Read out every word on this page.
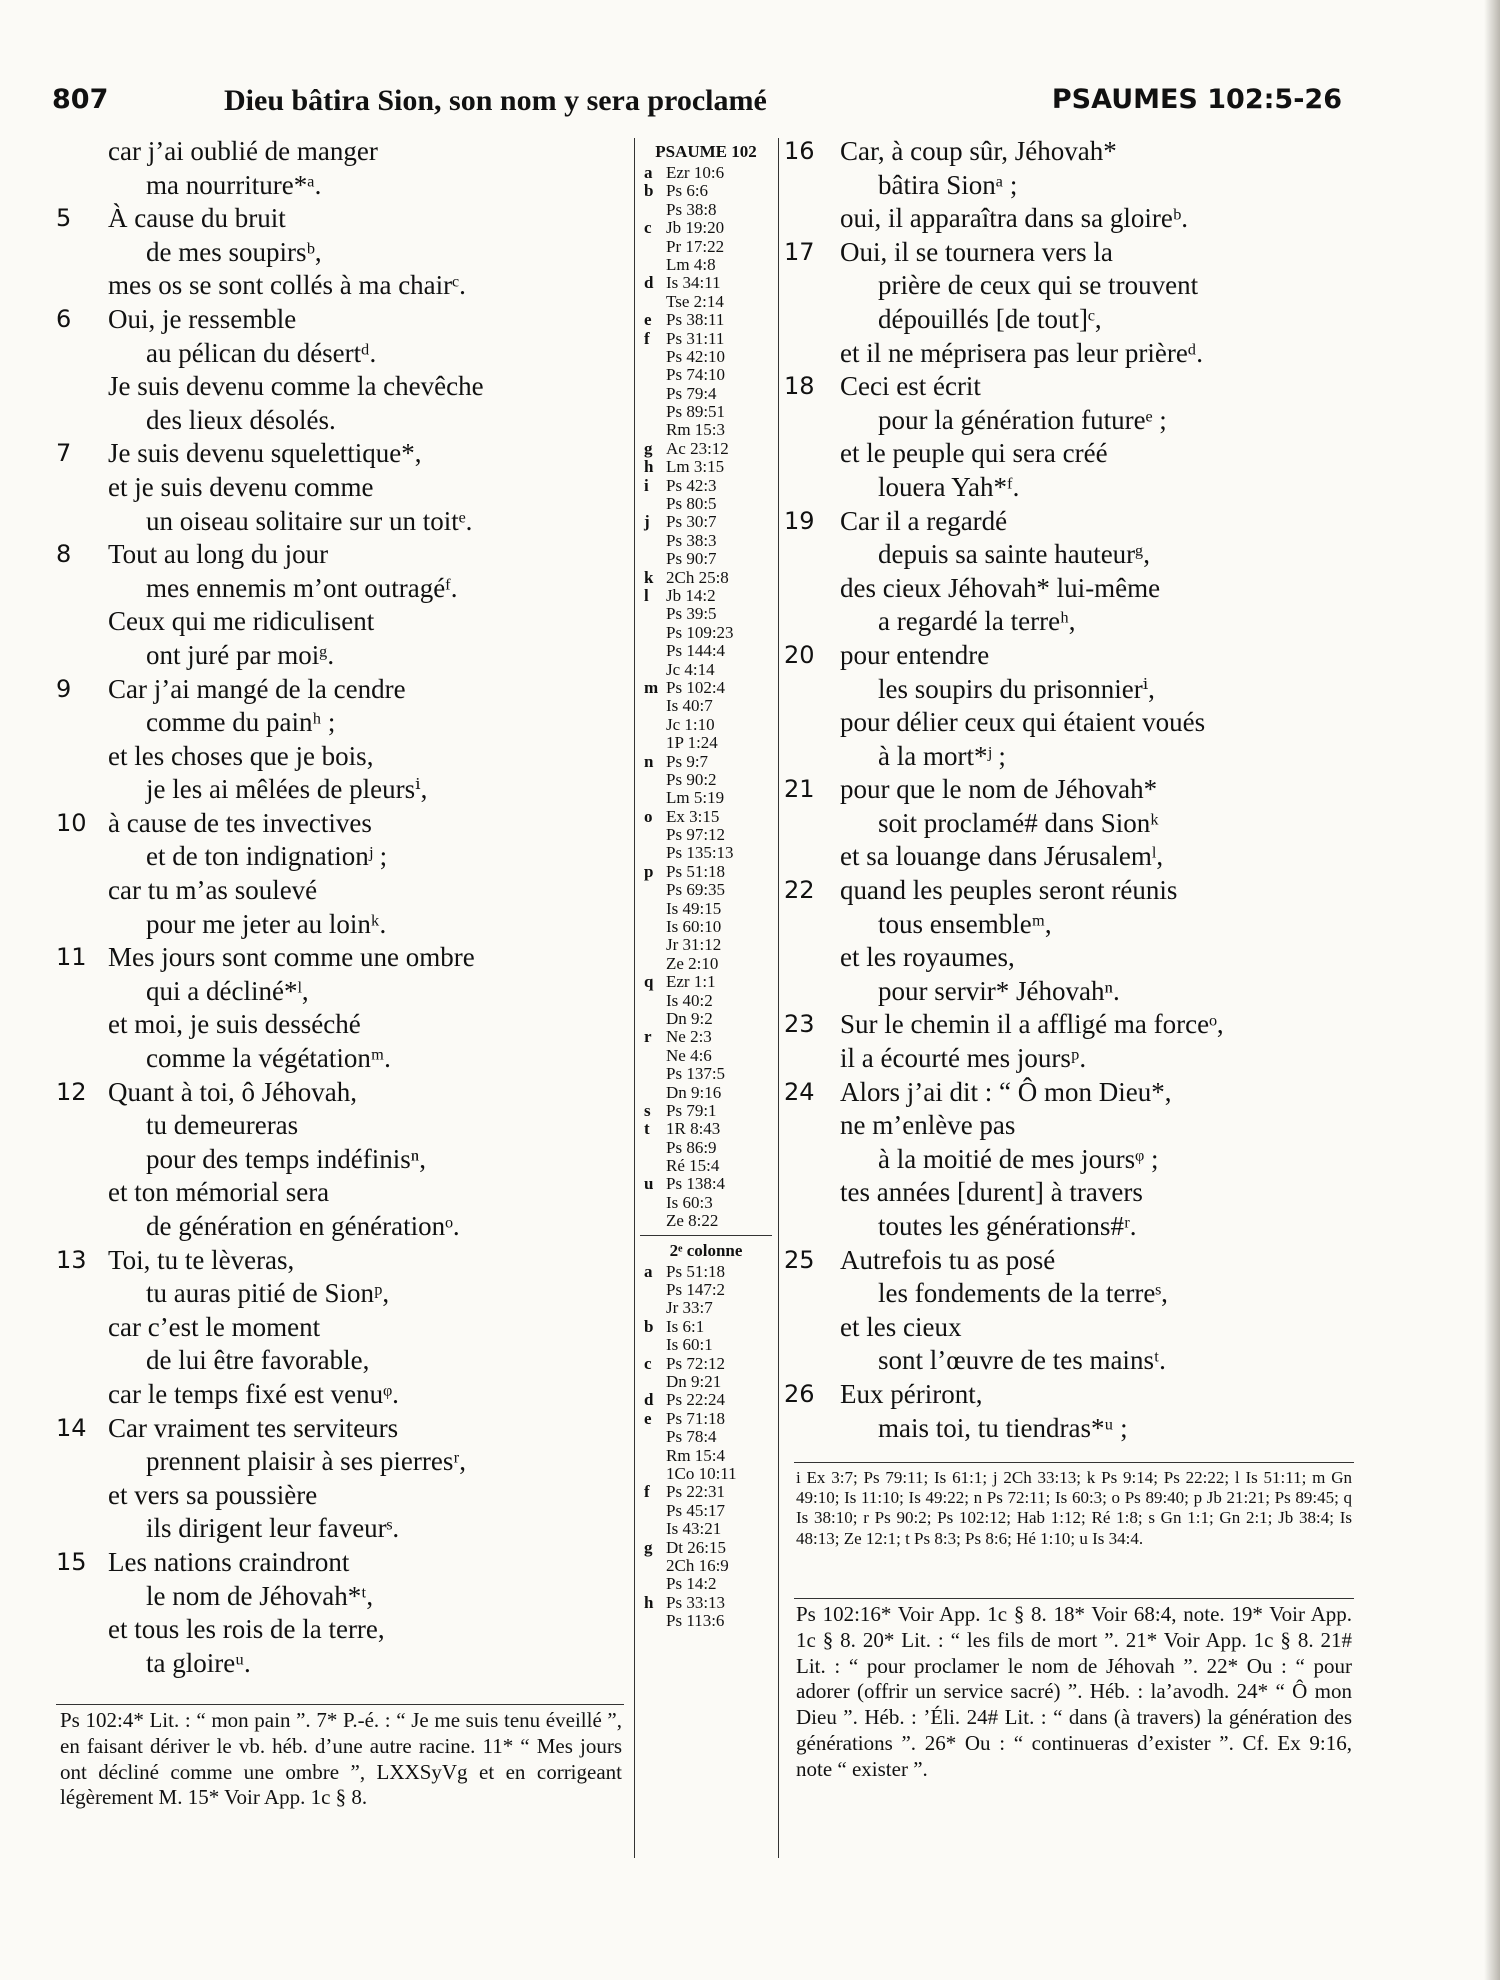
807	Dieu bâtira Sion, son nom y sera proclamé	PSAUMES 102:5-26
car j’ai oublié de manger
ma nourriture*ᵃ.
5	À cause du bruit
de mes soupirsᵇ,
mes os se sont collés à ma chairᶜ.
6	Oui, je ressemble
au pélican du désertᵈ.
Je suis devenu comme la chevêche
des lieux désolés.
7	Je suis devenu squelettique*,
et je suis devenu comme
un oiseau solitaire sur un toitᵉ.
8	Tout au long du jour
mes ennemis m’ont outragéᶠ.
Ceux qui me ridiculisent
ont juré par moiᵍ.
9	Car j’ai mangé de la cendre
comme du painʰ ;
et les choses que je bois,
je les ai mêlées de pleursⁱ,
10 à cause de tes invectives
et de ton indignationʲ ;
car tu m’as soulevé
pour me jeter au loinᵏ.
11 Mes jours sont comme une ombre
qui a décliné*ˡ,
et moi, je suis desséché
comme la végétationᵐ.
12 Quant à toi, ô Jéhovah,
tu demeureras
pour des temps indéfinisⁿ,
et ton mémorial sera
de génération en générationᵒ.
13 Toi, tu te lèveras,
tu auras pitié de Sionᵖ,
car c’est le moment
de lui être favorable,
car le temps fixé est venuᵠ.
14 Car vraiment tes serviteurs
prennent plaisir à ses pierresʳ,
et vers sa poussière
ils dirigent leur faveurˢ.
15 Les nations craindront
le nom de Jéhovah*ᵗ,
et tous les rois de la terre,
ta gloireᵘ.
PSAUME 102
a Ezr 10:6
b Ps 6:6
Ps 38:8
c Jb 19:20
Pr 17:22
Lm 4:8
d Is 34:11
Tse 2:14
e Ps 38:11
f Ps 31:11
Ps 42:10
Ps 74:10
Ps 79:4
Ps 89:51
Rm 15:3
g Ac 23:12
h Lm 3:15
i Ps 42:3
Ps 80:5
j Ps 30:7
Ps 38:3
Ps 90:7
k 2Ch 25:8
l Jb 14:2
Ps 39:5
Ps 109:23
Ps 144:4
Jc 4:14
m Ps 102:4
Is 40:7
Jc 1:10
1P 1:24
n Ps 9:7
Ps 90:2
Lm 5:19
o Ex 3:15
Ps 97:12
Ps 135:13
p Ps 51:18
Ps 69:35
Is 49:15
Is 60:10
Jr 31:12
Ze 2:10
q Ezr 1:1
Is 40:2
Dn 9:2
r Ne 2:3
Ne 4:6
Ps 137:5
Dn 9:16
s Ps 79:1
t 1R 8:43
Ps 86:9
Ré 15:4
u Ps 138:4
Is 60:3
Ze 8:22
2ᵉ colonne
a Ps 51:18
Ps 147:2
Jr 33:7
b Is 6:1
Is 60:1
c Ps 72:12
Dn 9:21
d Ps 22:24
e Ps 71:18
Ps 78:4
Rm 15:4
1Co 10:11
f Ps 22:31
Ps 45:17
Is 43:21
g Dt 26:15
2Ch 16:9
Ps 14:2
h Ps 33:13
Ps 113:6
16 Car, à coup sûr, Jéhovah*
bâtira Sionᵃ ;
oui, il apparaîtra dans sa gloireᵇ.
17 Oui, il se tournera vers la
prière de ceux qui se trouvent
dépouillés [de tout]ᶜ,
et il ne méprisera pas leur prièreᵈ.
18 Ceci est écrit
pour la génération futureᵉ ;
et le peuple qui sera créé
louera Yah*ᶠ.
19 Car il a regardé
depuis sa sainte hauteurᵍ,
des cieux Jéhovah* lui-même
a regardé la terreʰ,
20 pour entendre
les soupirs du prisonnierⁱ,
pour délier ceux qui étaient voués
à la mort*ʲ ;
21 pour que le nom de Jéhovah*
soit proclamé# dans Sionᵏ
et sa louange dans Jérusalemˡ,
22 quand les peuples seront réunis
tous ensembleᵐ,
et les royaumes,
pour servir* Jéhovahⁿ.
23 Sur le chemin il a affligé ma forceᵒ,
il a écourté mes joursᵖ.
24 Alors j’ai dit : “ Ô mon Dieu*,
ne m’enlève pas
à la moitié de mes joursᵠ ;
tes années [durent] à travers
toutes les générations#ʳ.
25 Autrefois tu as posé
les fondements de la terreˢ,
et les cieux
sont l’œuvre de tes mainsᵗ.
26 Eux périront,
mais toi, tu tiendras*ᵘ ;
Ps 102:4* Lit. : “ mon pain ”. 7* P.-é. : “ Je me suis tenu éveillé ”, en faisant dériver le vb. héb. d’une autre racine. 11* “ Mes jours ont décliné comme une ombre ”, LXXSyVg et en corrigeant légèrement M. 15* Voir App. 1c § 8.
i Ex 3:7; Ps 79:11; Is 61:1; j 2Ch 33:13; k Ps 9:14; Ps 22:22; l Is 51:11; m Gn 49:10; Is 11:10; Is 49:22; n Ps 72:11; Is 60:3; o Ps 89:40; p Jb 21:21; Ps 89:45; q Is 38:10; r Ps 90:2; Ps 102:12; Hab 1:12; Ré 1:8; s Gn 1:1; Gn 2:1; Jb 38:4; Is 48:13; Ze 12:1; t Ps 8:3; Ps 8:6; Hé 1:10; u Is 34:4.
Ps 102:16* Voir App. 1c § 8. 18* Voir 68:4, note. 19* Voir App. 1c § 8. 20* Lit. : “ les fils de mort ”. 21* Voir App. 1c § 8. 21# Lit. : “ pour proclamer le nom de Jéhovah ”. 22* Ou : “ pour adorer (offrir un service sacré) ”. Héb. : la’avodh. 24* “ Ô mon Dieu ”. Héb. : ’Éli. 24# Lit. : “ dans (à travers) la génération des générations ”. 26* Ou : “ continueras d’exister ”. Cf. Ex 9:16, note “ exister ”.
